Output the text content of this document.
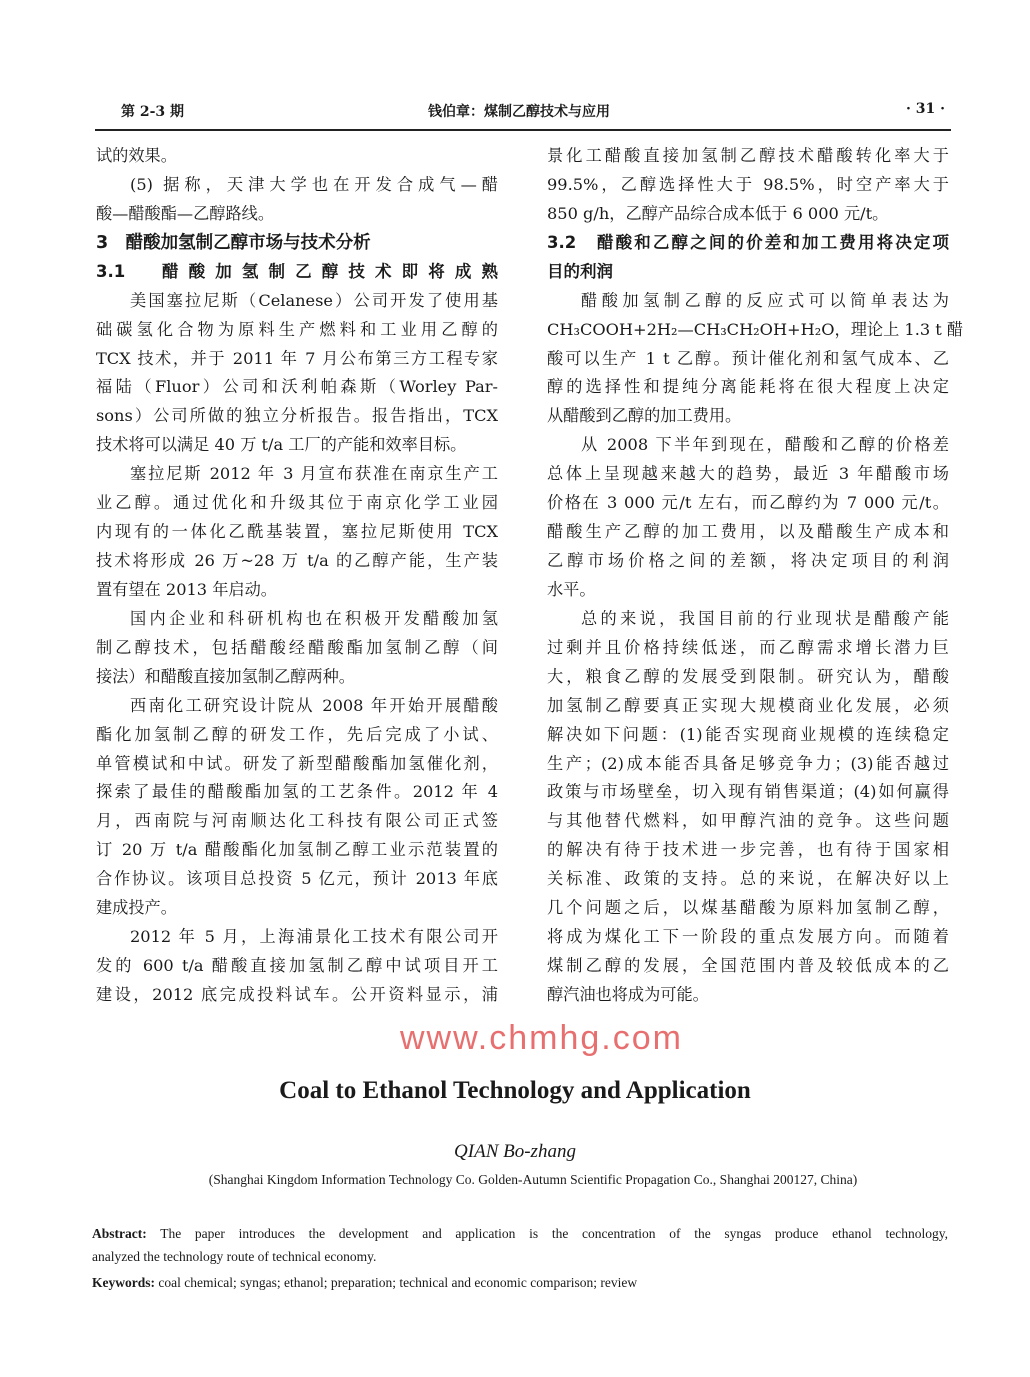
第 2-3 期	钱伯章：煤制乙醇技术与应用	· 31 ·
试的效果。
(5) 据称，天津大学也在开发合成气—醋
酸—醋酸酯—乙醇路线。
3　醋酸加氢制乙醇市场与技术分析
3.1　醋酸加氢制乙醇技术即将成熟
美国塞拉尼斯（Celanese）公司开发了使用基
础碳氢化合物为原料生产燃料和工业用乙醇的
TCX 技术，并于 2011 年 7 月公布第三方工程专家
福陆（Fluor）公司和沃利帕森斯（Worley Par-
sons）公司所做的独立分析报告。报告指出，TCX
技术将可以满足 40 万 t/a 工厂的产能和效率目标。
塞拉尼斯 2012 年 3 月宣布获准在南京生产工
业乙醇。通过优化和升级其位于南京化学工业园
内现有的一体化乙酰基装置，塞拉尼斯使用 TCX
技术将形成 26 万~28 万 t/a 的乙醇产能，生产装
置有望在 2013 年启动。
国内企业和科研机构也在积极开发醋酸加氢
制乙醇技术，包括醋酸经醋酸酯加氢制乙醇（间
接法）和醋酸直接加氢制乙醇两种。
西南化工研究设计院从 2008 年开始开展醋酸
酯化加氢制乙醇的研发工作，先后完成了小试、
单管模试和中试。研发了新型醋酸酯加氢催化剂，
探索了最佳的醋酸酯加氢的工艺条件。2012 年 4
月，西南院与河南顺达化工科技有限公司正式签
订 20 万 t/a 醋酸酯化加氢制乙醇工业示范装置的
合作协议。该项目总投资 5 亿元，预计 2013 年底
建成投产。
2012 年 5 月，上海浦景化工技术有限公司开
发的 600 t/a 醋酸直接加氢制乙醇中试项目开工
建设，2012 底完成投料试车。公开资料显示，浦
景化工醋酸直接加氢制乙醇技术醋酸转化率大于
99.5%，乙醇选择性大于 98.5%，时空产率大于
850 g/h，乙醇产品综合成本低于 6 000 元/t。
3.2　醋酸和乙醇之间的价差和加工费用将决定项
目的利润
醋酸加氢制乙醇的反应式可以简单表达为
CH₃COOH+2H₂—CH₃CH₂OH+H₂O，理论上 1.3 t 醋
酸可以生产 1 t 乙醇。预计催化剂和氢气成本、乙
醇的选择性和提纯分离能耗将在很大程度上决定
从醋酸到乙醇的加工费用。
从 2008 下半年到现在，醋酸和乙醇的价格差
总体上呈现越来越大的趋势，最近 3 年醋酸市场
价格在 3 000 元/t 左右，而乙醇约为 7 000 元/t。
醋酸生产乙醇的加工费用，以及醋酸生产成本和
乙醇市场价格之间的差额，将决定项目的利润
水平。
总的来说，我国目前的行业现状是醋酸产能
过剩并且价格持续低迷，而乙醇需求增长潜力巨
大，粮食乙醇的发展受到限制。研究认为，醋酸
加氢制乙醇要真正实现大规模商业化发展，必须
解决如下问题：(1)能否实现商业规模的连续稳定
生产；(2)成本能否具备足够竞争力；(3)能否越过
政策与市场壁垒，切入现有销售渠道；(4)如何赢得
与其他替代燃料，如甲醇汽油的竞争。这些问题
的解决有待于技术进一步完善，也有待于国家相
关标准、政策的支持。总的来说，在解决好以上
几个问题之后，以煤基醋酸为原料加氢制乙醇，
将成为煤化工下一阶段的重点发展方向。而随着
煤制乙醇的发展，全国范围内普及较低成本的乙
醇汽油也将成为可能。
www.chmhg.com
Coal to Ethanol Technology and Application
QIAN Bo-zhang
(Shanghai Kingdom Information Technology Co. Golden-Autumn Scientific Propagation Co., Shanghai 200127, China)
Abstract: The paper introduces the development and application is the concentration of the syngas produce ethanol technology,
analyzed the technology route of technical economy.
Keywords: coal chemical; syngas; ethanol; preparation; technical and economic comparison; review
